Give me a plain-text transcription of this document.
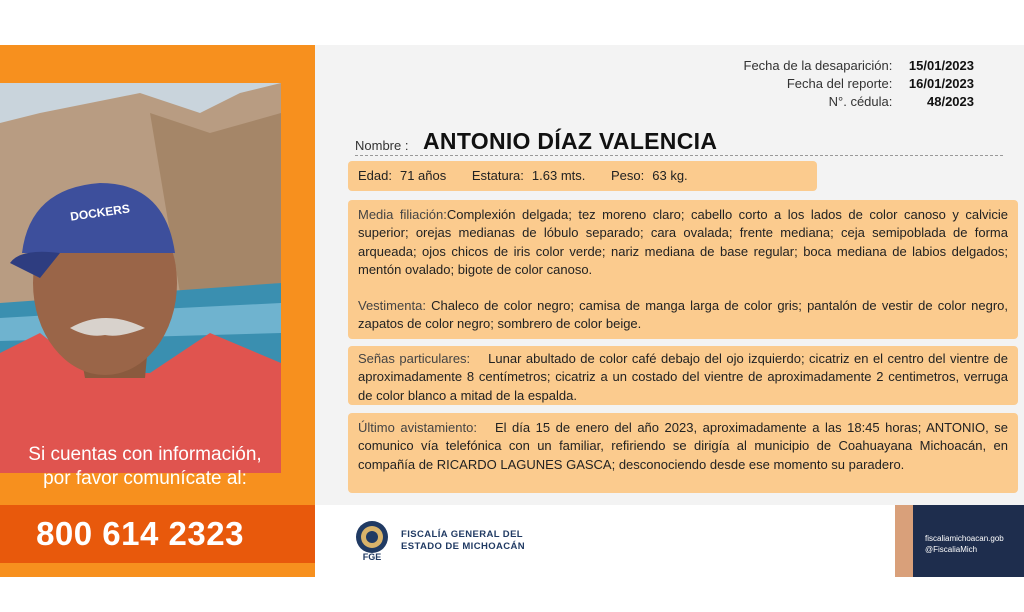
DOCKERS
Si cuentas con información,
por favor comunícate al:
800 614 2323
Fecha de la desaparición: 15/01/2023
Fecha del reporte: 16/01/2023
N°. cédula:	48/2023
Nombre : ANTONIO DÍAZ VALENCIA
Edad: 71 años Estatura: 1.63 mts. Peso: 63 kg.

Media filiación:Complexión delgada; tez moreno claro; cabello corto a los lados de color canoso y calvicie superior; orejas medianas de lóbulo separado; cara ovalada; frente mediana; ceja semipoblada de forma arqueada; ojos chicos de iris color verde; nariz mediana de base regular; boca mediana de labios delgados; mentón ovalado; bigote de color canoso.

Vestimenta: Chaleco de color negro; camisa de manga larga de color gris; pantalón de vestir de color negro, zapatos de color negro; sombrero de color beige.

Señas particulares: Lunar abultado de color café debajo del ojo izquierdo; cicatriz en el centro del vientre de aproximadamente 8 centímetros; cicatriz a un costado del vientre de aproximadamente 2 centimetros, verruga de color blanco a mitad de la espalda.

Último avistamiento: El día 15 de enero del año 2023, aproximadamente a las 18:45 horas; ANTONIO, se comunico vía telefónica con un familiar, refiriendo se dirigía al municipio de Coahuayana Michoacán, en compañía de RICARDO LAGUNES GASCA; desconociendo desde ese momento su paradero.

FGE
FISCALÍA GENERAL DEL
ESTADO DE MICHOACÁN
fiscaliamichoacan.gob
@FiscaliaMich
